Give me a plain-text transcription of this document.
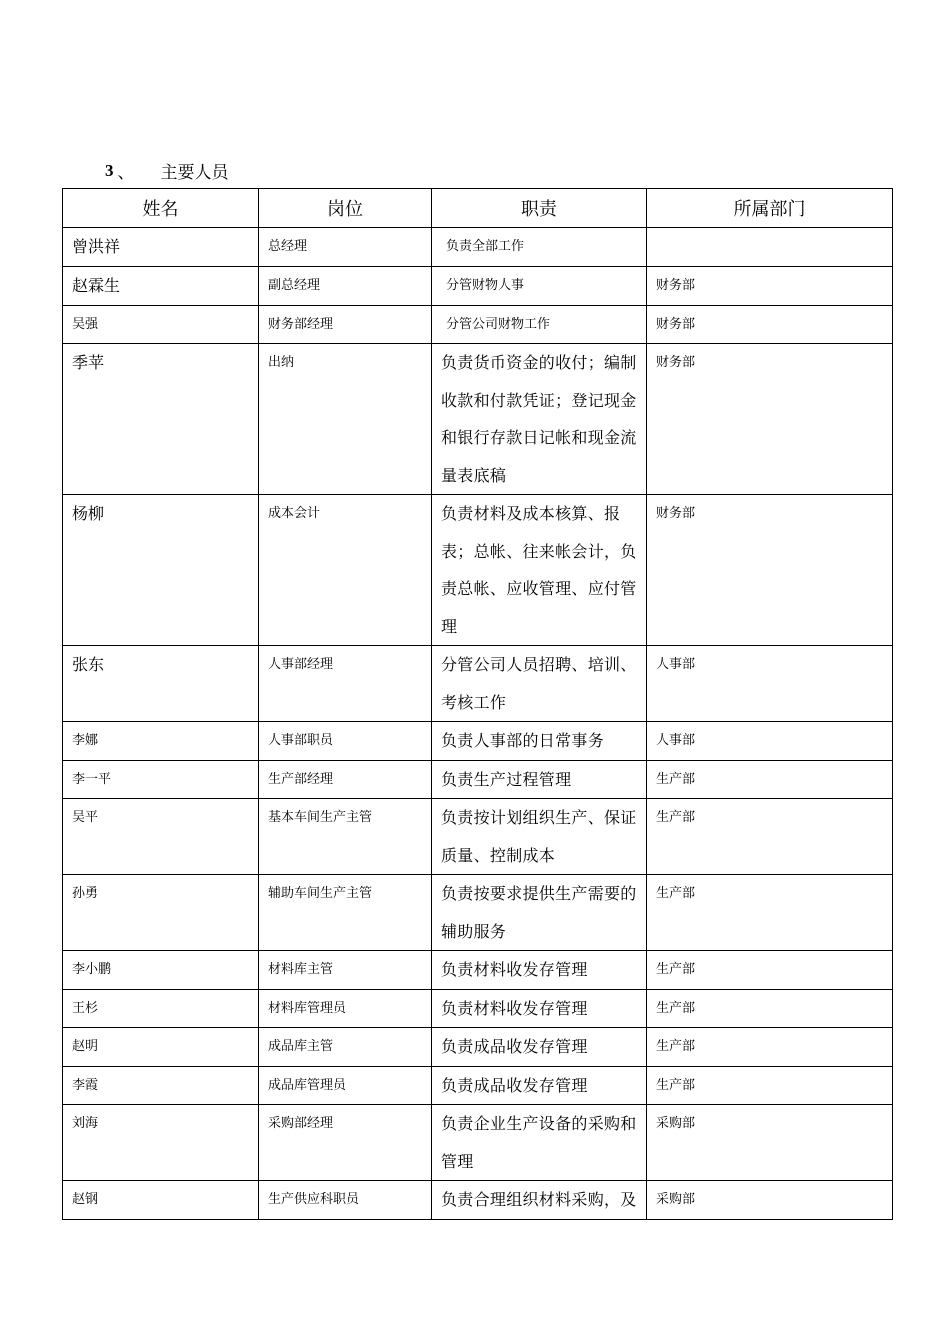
3 、 主要人员
姓名	岗位	职责	所属部门

曾洪祥	总经理	负责全部工作	

赵霖生	副总经理	分管财物人事	财务部

吴强	财务部经理	分管公司财物工作	财务部

季苹	出纳	负责货币资金的收付；编制收款和付款凭证；登记现金和银行存款日记帐和现金流量表底稿	财务部

杨柳	成本会计	负责材料及成本核算、报表；总帐、往来帐会计，负责总帐、应收管理、应付管理	财务部

张东	人事部经理	分管公司人员招聘、培训、考核工作	人事部

李娜	人事部职员	负责人事部的日常事务	人事部

李一平	生产部经理	负责生产过程管理	生产部

吴平	基本车间生产主管	负责按计划组织生产、保证质量、控制成本	生产部

孙勇	辅助车间生产主管	负责按要求提供生产需要的辅助服务	生产部

李小鹏	材料库主管	负责材料收发存管理	生产部

王杉	材料库管理员	负责材料收发存管理	生产部

赵明	成品库主管	负责成品收发存管理	生产部

李霞	成品库管理员	负责成品收发存管理	生产部

刘海	采购部经理	负责企业生产设备的采购和管理	采购部

赵钢	生产供应科职员	负责合理组织材料采购，及	采购部
